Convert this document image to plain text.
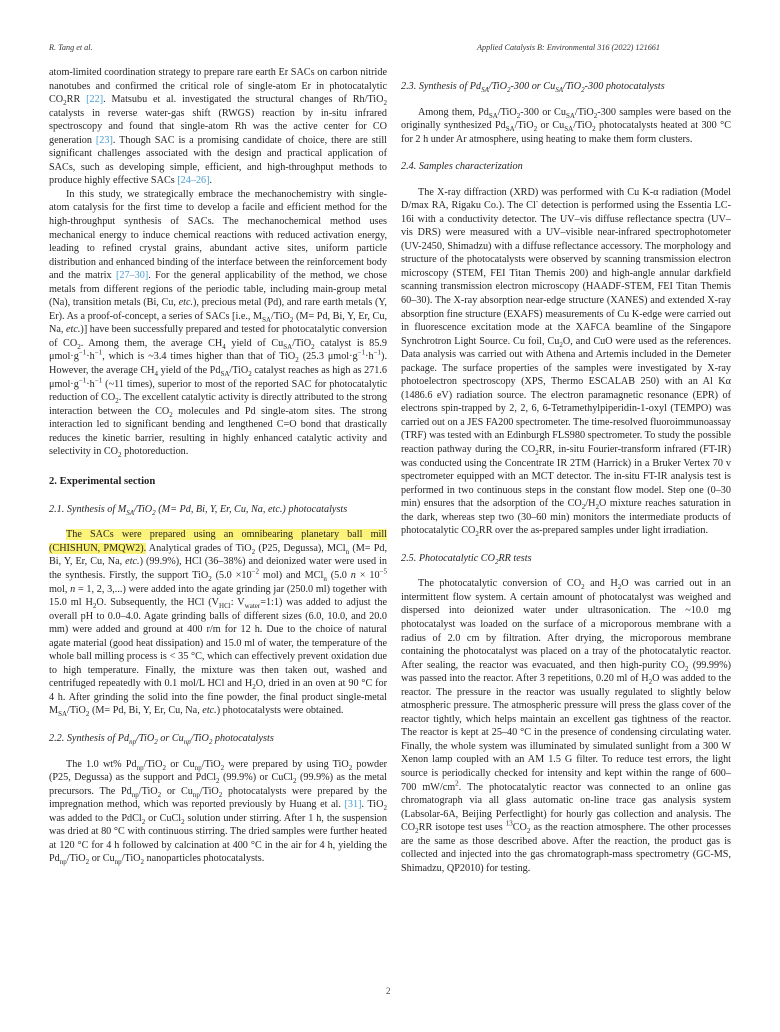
R. Tang et al.	Applied Catalysis B: Environmental 316 (2022) 121661

atom-limited coordination strategy to prepare rare earth Er SACs on carbon nitride nanotubes and confirmed the critical role of single-atom Er in photocatalytic $CO_2RR$ [22]. Matsubu et al. investigated the structural changes of Rh/TiO$_2$ catalysts in reverse water-gas shift (RWGS) reaction by in-situ infrared spectroscopy and found that single-atom Rh was the active center for CO generation [23]. Though SAC is a promising candidate of choice, there are still significant challenges associated with the design and practical application of SACs, such as developing simple, efficient, and high-throughput methods to produce highly effective SACs [24–26].

In this study, we strategically embrace the mechanochemistry with single-atom catalysis for the first time to develop a facile and efficient method for the high-throughput synthesis of SACs. The mechanochemical method uses mechanical energy to induce chemical reactions with reduced activation energy, leading to refined crystal grains, abundant active sites, uniform particle distribution and enhanced binding of the interface between the reinforcement body and the matrix [27–30]. For the general applicability of the method, we chose metals from different regions of the periodic table, including main-group metal (Na), transition metals (Bi, Cu, etc.), precious metal (Pd), and rare earth metals (Y, Er). As a proof-of-concept, a series of SACs [i.e., $M_{SA}/TiO_2$ (M= Pd, Bi, Y, Er, Cu, Na, etc.)] have been successfully prepared and tested for photocatalytic conversion of $CO_2$. Among them, the average $CH_4$ yield of $Cu_{SA}/TiO_2$ catalyst is 85.9 $\mu mol\cdot g^{-1}\cdot h^{-1}$, which is ~3.4 times higher than that of TiO$_2$ (25.3 $\mu mol\cdot g^{-1}\cdot h^{-1}$). However, the average $CH_4$ yield of the $Pd_{SA}/TiO_2$ catalyst reaches as high as 271.6 $\mu mol\cdot g^{-1}\cdot h^{-1}$ (~11 times), superior to most of the reported SAC for photocatalytic reduction of $CO_2$. The excellent catalytic activity is directly attributed to the strong interaction between the $CO_2$ molecules and Pd single-atom sites. The strong interaction led to significant bending and lengthened C=O bond that drastically reduces the kinetic barrier, resulting in highly enhanced catalytic activity and selectivity in $CO_2$ photoreduction.

2. Experimental section
2.1. Synthesis of $M_{SA}/TiO_2$ (M= Pd, Bi, Y, Er, Cu, Na, etc.) photocatalysts

The SACs were prepared using an omnibearing planetary ball mill (CHISHUN, PMQW2). Analytical grades of TiO$_2$ (P25, Degussa), MCl$_n$ (M= Pd, Bi, Y, Er, Cu, Na, etc.) (99.9%), HCl (36–38%) and deionized water were used in the synthesis. Firstly, the support TiO$_2$ ($5.0 \times 10^{-2}$ mol) and MCl$_n$ (5.0 $n \times 10^{-5}$ mol, n = 1, 2, 3,...) were added into the agate grinding jar (250.0 ml) together with 15.0 ml $H_2O$. Subsequently, the HCl ($V_{HCl}$: $V_{water}=1:1$) was added to adjust the overall pH to 0.0–4.0. Agate grinding balls of different sizes (6.0, 10.0, and 20.0 mm) were added and ground at 400 r/m for 12 h. Due to the choice of natural agate material (good heat dissipation) and 15.0 ml of water, the temperature of the whole ball milling process is < 35 °C, which can effectively prevent oxidation due to high temperature. Finally, the mixture was then taken out, washed and centrifuged repeatedly with 0.1 mol/L HCl and $H_2O$, dried in an oven at 90 °C for 4 h. After grinding the solid into the fine powder, the final product single-metal $M_{SA}/TiO_2$ (M= Pd, Bi, Y, Er, Cu, Na, etc.) photocatalysts were obtained.

2.2. Synthesis of $Pd_{np}/TiO_2$ or $Cu_{np}/TiO_2$ photocatalysts

The 1.0 wt% $Pd_{np}/TiO_2$ or $Cu_{np}/TiO_2$ were prepared by using TiO$_2$ powder (P25, Degussa) as the support and PdCl$_2$ (99.9%) or CuCl$_2$ (99.9%) as the metal precursors. The $Pd_{np}/TiO_2$ or $Cu_{np}/TiO_2$ photocatalysts were prepared by the impregnation method, which was reported previously by Huang et al. [31]. TiO$_2$ was added to the PdCl$_2$ or CuCl$_2$ solution under stirring. After 1 h, the suspension was dried at 80 °C with continuous stirring. The dried samples were further heated at 120 °C for 4 h followed by calcination at 400 °C in the air for 4 h, yielding the $Pd_{np}/TiO_2$ or $Cu_{np}/TiO_2$ nanoparticles photocatalysts.

2.3. Synthesis of $Pd_{SA}/TiO_2-300$ or $Cu_{SA}/TiO_2-300$ photocatalysts

Among them, $Pd_{SA}/TiO_2-300$ or $Cu_{SA}/TiO_2-300$ samples were based on the originally synthesized $Pd_{SA}/TiO_2$ or $Cu_{SA}/TiO_2$ photocatalysts heated at 300 °C for 2 h under Ar atmosphere, using heating to make them form clusters.

2.4. Samples characterization

The X-ray diffraction (XRD) was performed with Cu K-α radiation (Model D/max RA, Rigaku Co.). The Cl- detection is performed using the Essentia LC-16i with a conductivity detector. The UV–vis diffuse reflectance spectra (UV–vis DRS) were measured with a UV–visible near-infrared spectrophotometer (UV-2450, Shimadzu) with a diffuse reflectance accessory. The morphology and structure of the photocatalysts were observed by scanning transmission electron microscopy (STEM, FEI Titan Themis 200) and high-angle annular darkfield scanning transmission electron microscopy (HAADF-STEM, FEI Titan Themis 60–30). The X-ray absorption near-edge structure (XANES) and extended X-ray absorption fine structure (EXAFS) measurements of Cu K-edge were carried out in fluorescence excitation mode at the XAFCA beamline of the Singapore Synchrotron Light Source. Cu foil, $Cu_2O$, and CuO were used as the references. Data analysis was carried out with Athena and Artemis included in the Demeter package. The surface properties of the samples were investigated by X-ray photoelectron spectroscopy (XPS, Thermo ESCALAB 250) with an Al Kα (1486.6 eV) radiation source. The electron paramagnetic resonance (EPR) of electrons spin-trapped by 2, 2, 6, 6-Tetramethylpiperidin-1-oxyl (TEMPO) was carried out on a JES FA200 spectrometer. The time-resolved fluoroimmunoassay (TRF) was tested with an Edinburgh FLS980 spectrometer. To study the possible reaction pathway during the $CO_2RR$, in-situ Fourier-transform infrared (FT-IR) was conducted using the Concentrate IR 2TM (Harrick) in a Bruker Vertex 70 v spectrometer equipped with an MCT detector. The in-situ FT-IR analysis test is performed in two continuous steps in the constant flow model. Step one (0–30 min) ensures that the adsorption of the $CO_2/H_2O$ mixture reaches saturation in the dark, whereas step two (30–60 min) monitors the intermediate products of photocatalytic $CO_2RR$ over the as-prepared samples under light irradiation.

2.5. Photocatalytic $CO_2RR$ tests

The photocatalytic conversion of $CO_2$ and $H_2O$ was carried out in an intermittent flow system. A certain amount of photocatalyst was weighed and dispersed into deionized water under ultrasonication. The ~10.0 mg photocatalyst was loaded on the surface of a microporous membrane with a radius of 2.0 cm by filtration. After drying, the microporous membrane containing the photocatalyst was placed on a tray of the photocatalytic reactor. After sealing, the reactor was evacuated, and then high-purity $CO_2$ (99.99%) was passed into the reactor. After 3 repetitions, 0.20 ml of $H_2O$ was added to the reactor. The pressure in the reactor was usually regulated to slightly below atmospheric pressure. The atmospheric pressure will press the glass cover of the reactor tightly, which helps maintain an excellent gas tightness of the reactor. The reactor is kept at 25–40 °C in the presence of condensing circulating water. Finally, the whole system was illuminated by simulated sunlight from a 300 W Xenon lamp coupled with an AM 1.5 G filter. To reduce test errors, the light source is periodically checked for intensity and kept within the range of 600–700 $mW/cm^2$. The photocatalytic reactor was connected to an online gas chromatograph via all glass automatic on-line trace gas analysis system (Labsolar-6A, Beijing Perfectlight) for hourly gas collection and analysis. The $CO_2RR$ isotope test uses $^{13}CO_2$ as the reaction atmosphere. The other processes are the same as those described above. After the reaction, the product gas is collected and injected into the gas chromatograph-mass spectrometry (GC-MS, Shimadzu, QP2010) for testing.

2
